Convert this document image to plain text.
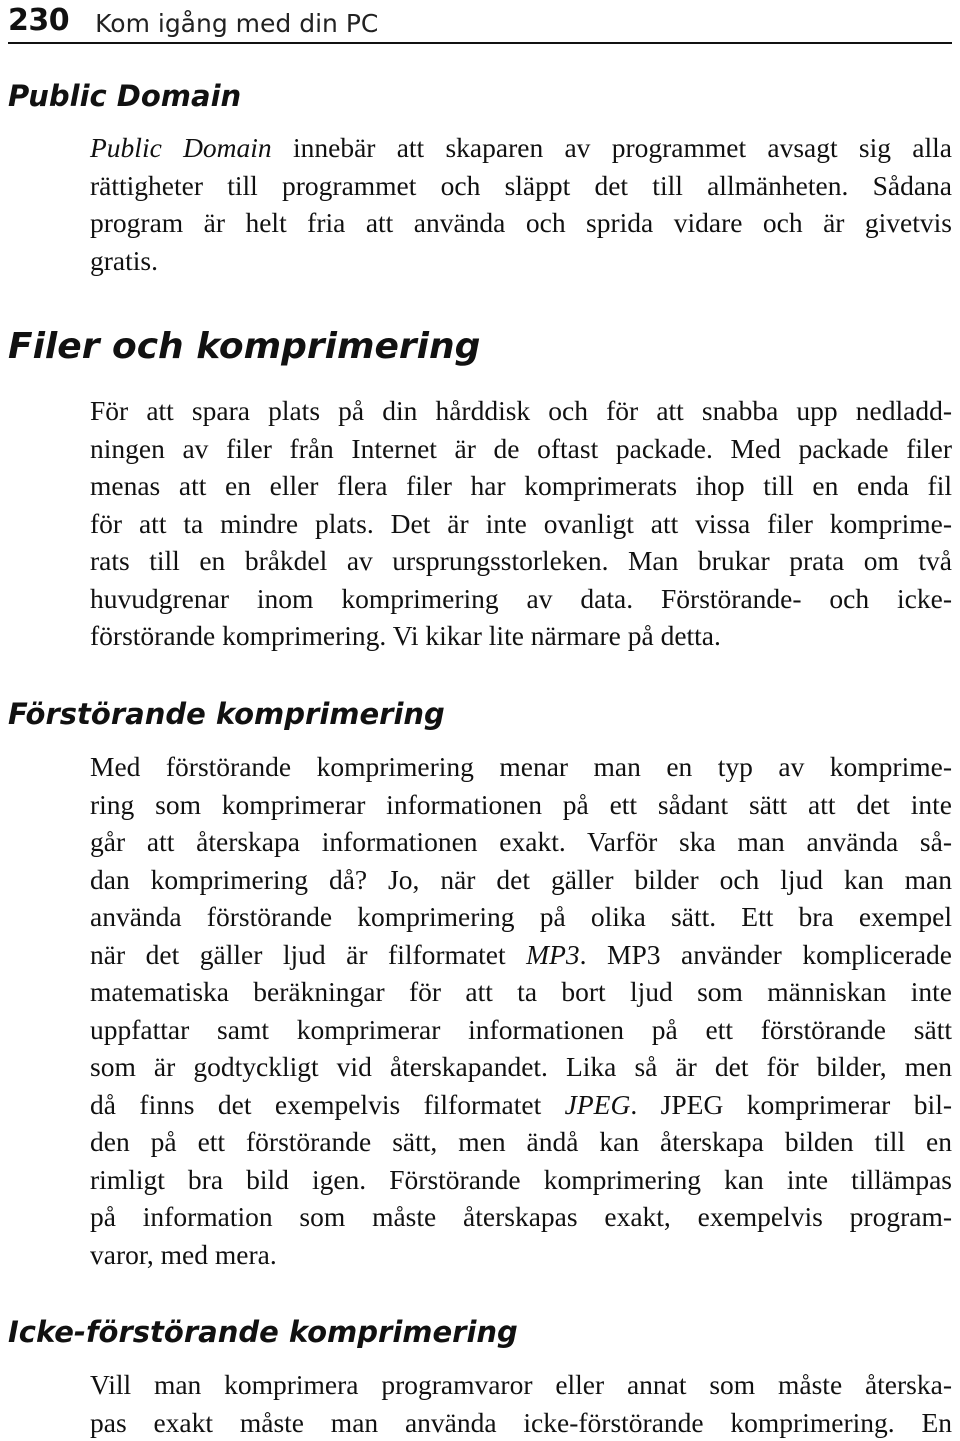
230 Kom igång med din PC
Public Domain
Public Domain innebär att skaparen av programmet avsagt sig alla
rättigheter till programmet och släppt det till allmänheten. Sådana
program är helt fria att använda och sprida vidare och är givetvis
gratis.
Filer och komprimering
För att spara plats på din hårddisk och för att snabba upp nedladd-
ningen av filer från Internet är de oftast packade. Med packade filer
menas att en eller flera filer har komprimerats ihop till en enda fil
för att ta mindre plats. Det är inte ovanligt att vissa filer komprime-
rats till en bråkdel av ursprungsstorleken. Man brukar prata om två
huvudgrenar inom komprimering av data. Förstörande- och icke-
förstörande komprimering. Vi kikar lite närmare på detta.
Förstörande komprimering
Med förstörande komprimering menar man en typ av komprime-
ring som komprimerar informationen på ett sådant sätt att det inte
går att återskapa informationen exakt. Varför ska man använda så-
dan komprimering då? Jo, när det gäller bilder och ljud kan man
använda förstörande komprimering på olika sätt. Ett bra exempel
när det gäller ljud är filformatet MP3. MP3 använder komplicerade
matematiska beräkningar för att ta bort ljud som människan inte
uppfattar samt komprimerar informationen på ett förstörande sätt
som är godtyckligt vid återskapandet. Lika så är det för bilder, men
då finns det exempelvis filformatet JPEG. JPEG komprimerar bil-
den på ett förstörande sätt, men ändå kan återskapa bilden till en
rimligt bra bild igen. Förstörande komprimering kan inte tillämpas
på information som måste återskapas exakt, exempelvis program-
varor, med mera.
Icke-förstörande komprimering
Vill man komprimera programvaror eller annat som måste återska-
pas exakt måste man använda icke-förstörande komprimering. En
